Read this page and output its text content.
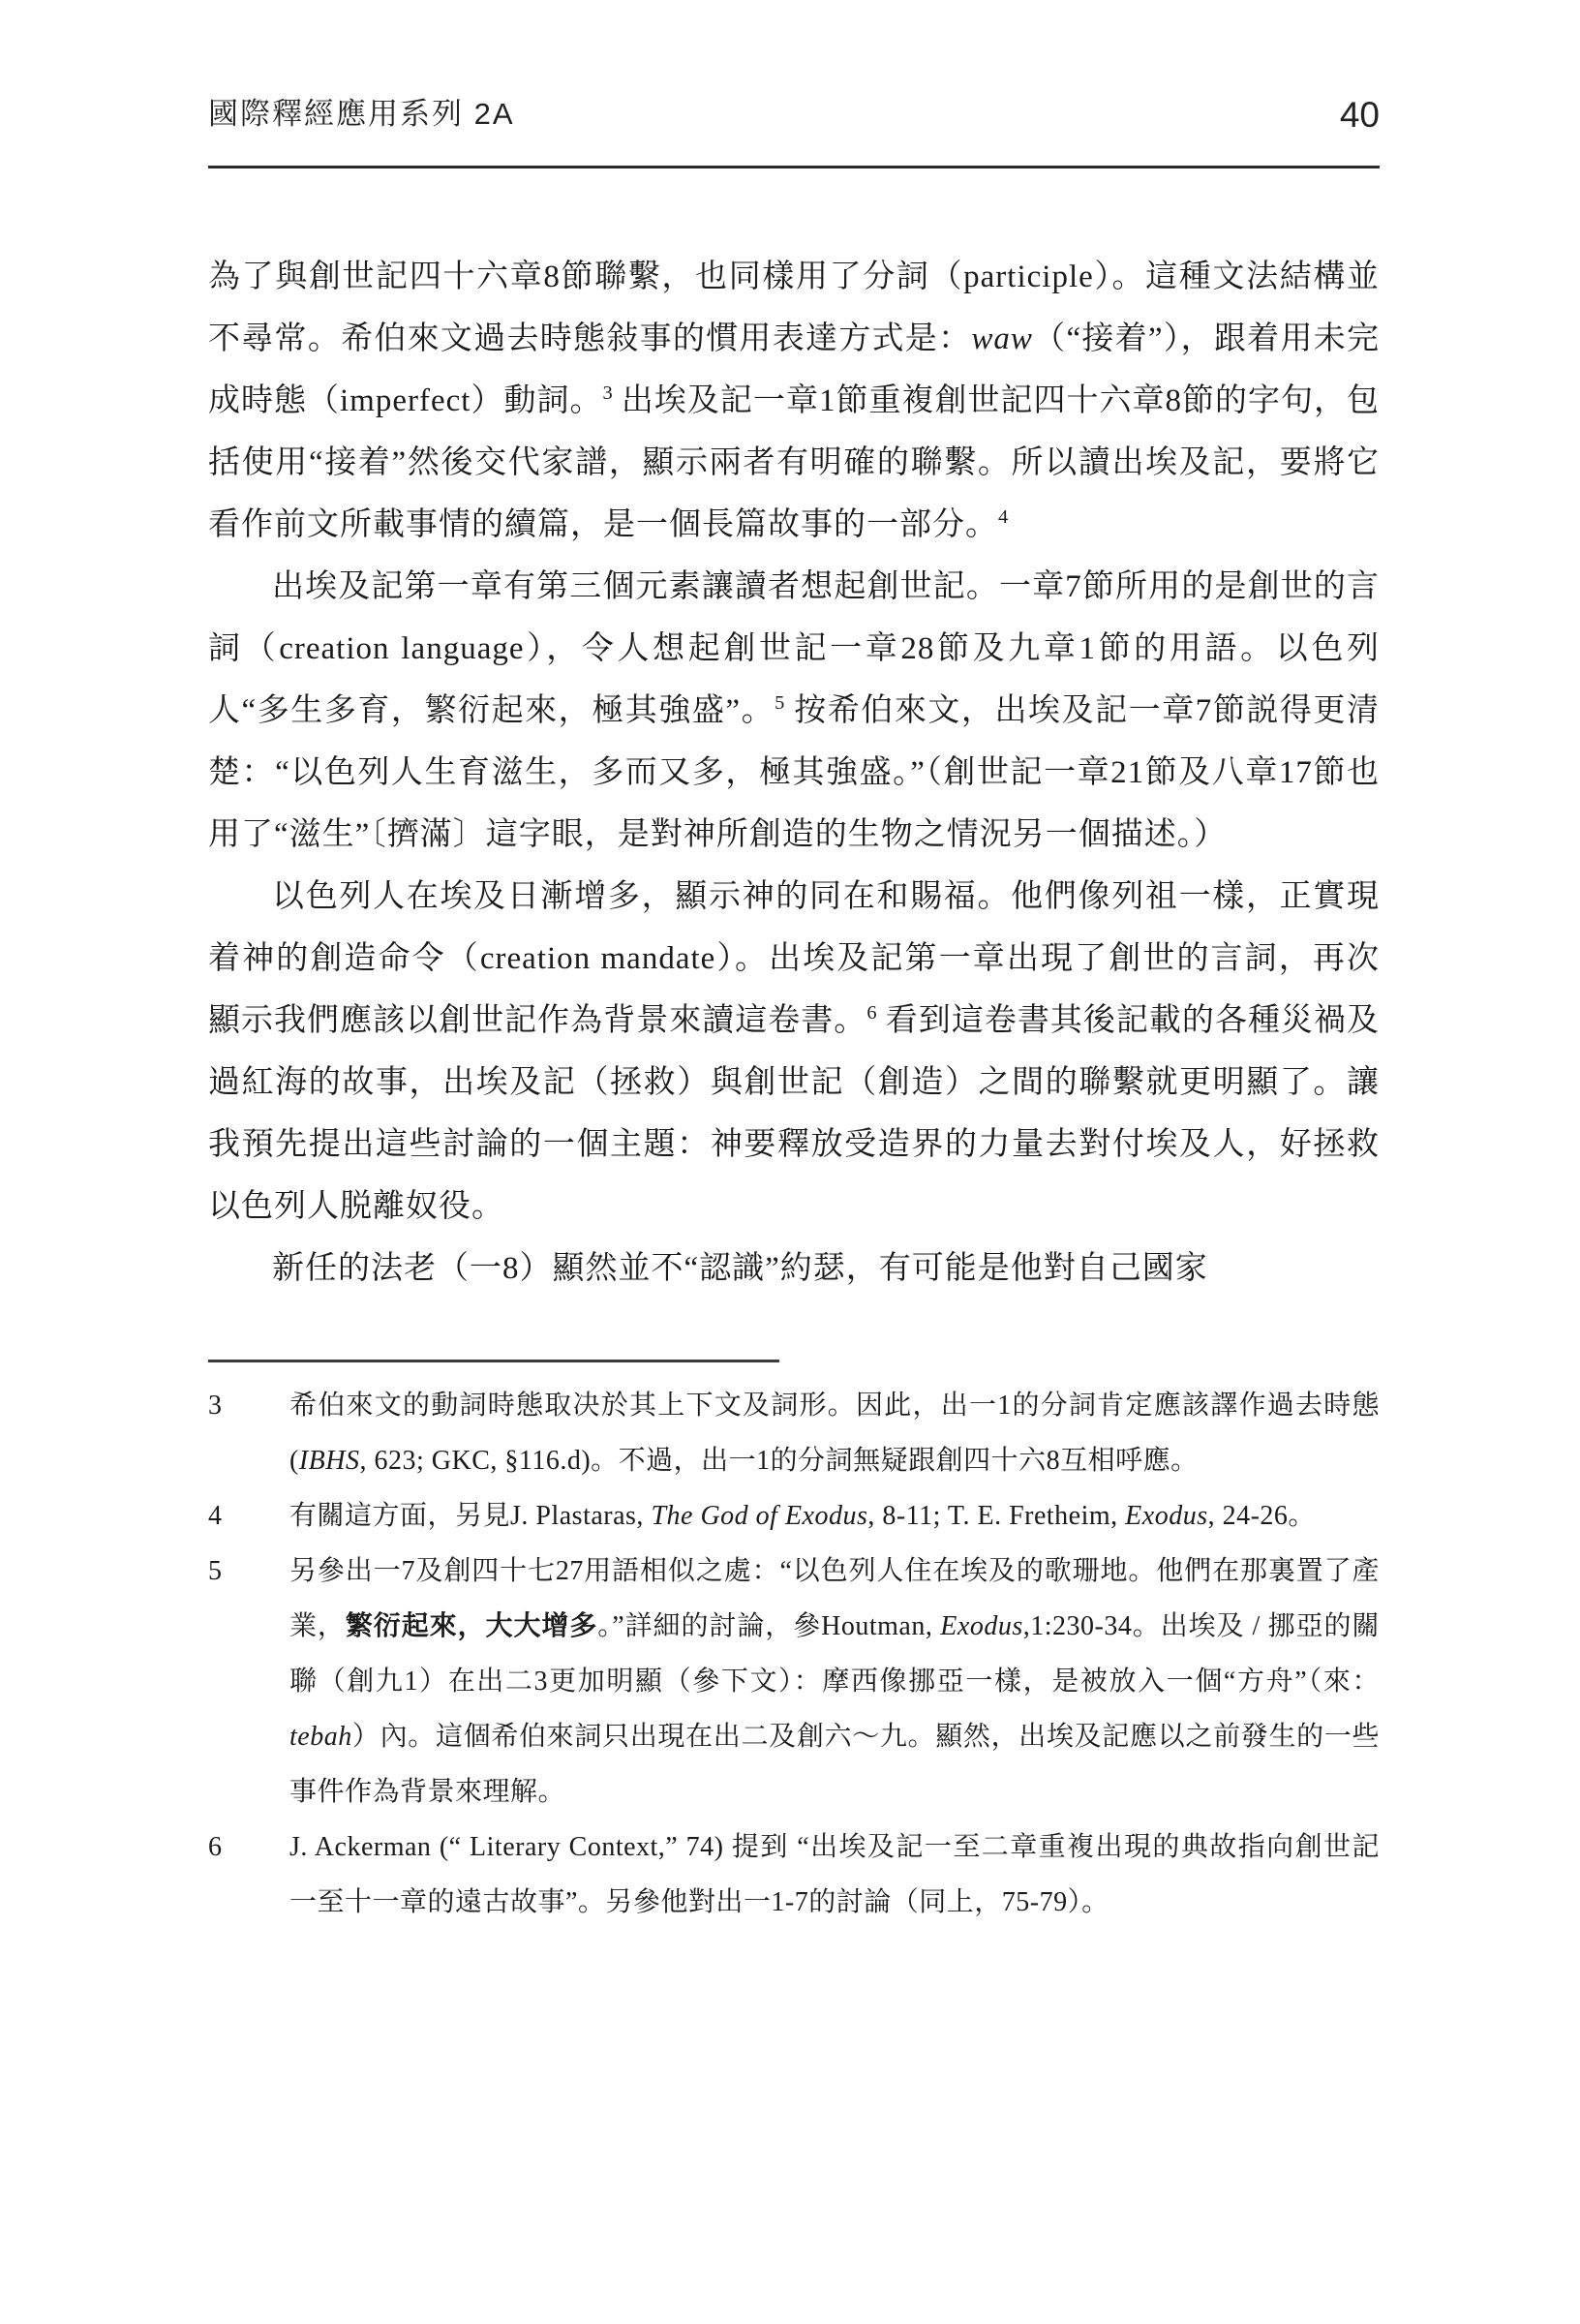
國際釋經應用系列 2A	40

為了與創世記四十六章8節聯繫，也同樣用了分詞（participle）。這種文法結構並不尋常。希伯來文過去時態敍事的慣用表達方式是：waw（“接着”），跟着用未完成時態（imperfect）動詞。$^3$ 出埃及記一章1節重複創世記四十六章8節的字句，包括使用“接着”然後交代家譜，顯示兩者有明確的聯繫。所以讀出埃及記，要將它看作前文所載事情的續篇，是一個長篇故事的一部分。$^4$

出埃及記第一章有第三個元素讓讀者想起創世記。一章7節所用的是創世的言詞（creation language），令人想起創世記一章28節及九章1節的用語。以色列人“多生多育，繁衍起來，極其強盛”。$^5$ 按希伯來文，出埃及記一章7節説得更清楚：“以色列人生育滋生，多而又多，極其強盛。”（創世記一章21節及八章17節也用了“滋生”〔擠滿〕這字眼，是對神所創造的生物之情況另一個描述。）

以色列人在埃及日漸增多，顯示神的同在和賜福。他們像列祖一樣，正實現着神的創造命令（creation mandate）。出埃及記第一章出現了創世的言詞，再次顯示我們應該以創世記作為背景來讀這卷書。$^6$ 看到這卷書其後記載的各種災禍及過紅海的故事，出埃及記（拯救）與創世記（創造）之間的聯繫就更明顯了。讓我預先提出這些討論的一個主題：神要釋放受造界的力量去對付埃及人，好拯救以色列人脱離奴役。

新任的法老（一8）顯然並不“認識”約瑟，有可能是他對自己國家

3	希伯來文的動詞時態取决於其上下文及詞形。因此，出一1的分詞肯定應該譯作過去時態 (IBHS, 623; GKC, §116.d)。不過，出一1的分詞無疑跟創四十六8互相呼應。

4	有關這方面，另見J. Plastaras, The God of Exodus, 8-11; T. E. Fretheim, Exodus, 24-26。

5	另參出一7及創四十七27用語相似之處：“以色列人住在埃及的歌珊地。他們在那裏置了產業，繁衍起來，大大增多。”詳細的討論，參Houtman, Exodus,1:230-34。出埃及 / 挪亞的關聯（創九1）在出二3更加明顯（參下文）：摩西像挪亞一樣，是被放入一個“方舟”（來：tebah）內。這個希伯來詞只出現在出二及創六～九。顯然，出埃及記應以之前發生的一些事件作為背景來理解。

6	J. Ackerman (“ Literary Context,” 74) 提到 “出埃及記一至二章重複出現的典故指向創世記一至十一章的遠古故事”。另參他對出一1-7的討論（同上，75-79）。
